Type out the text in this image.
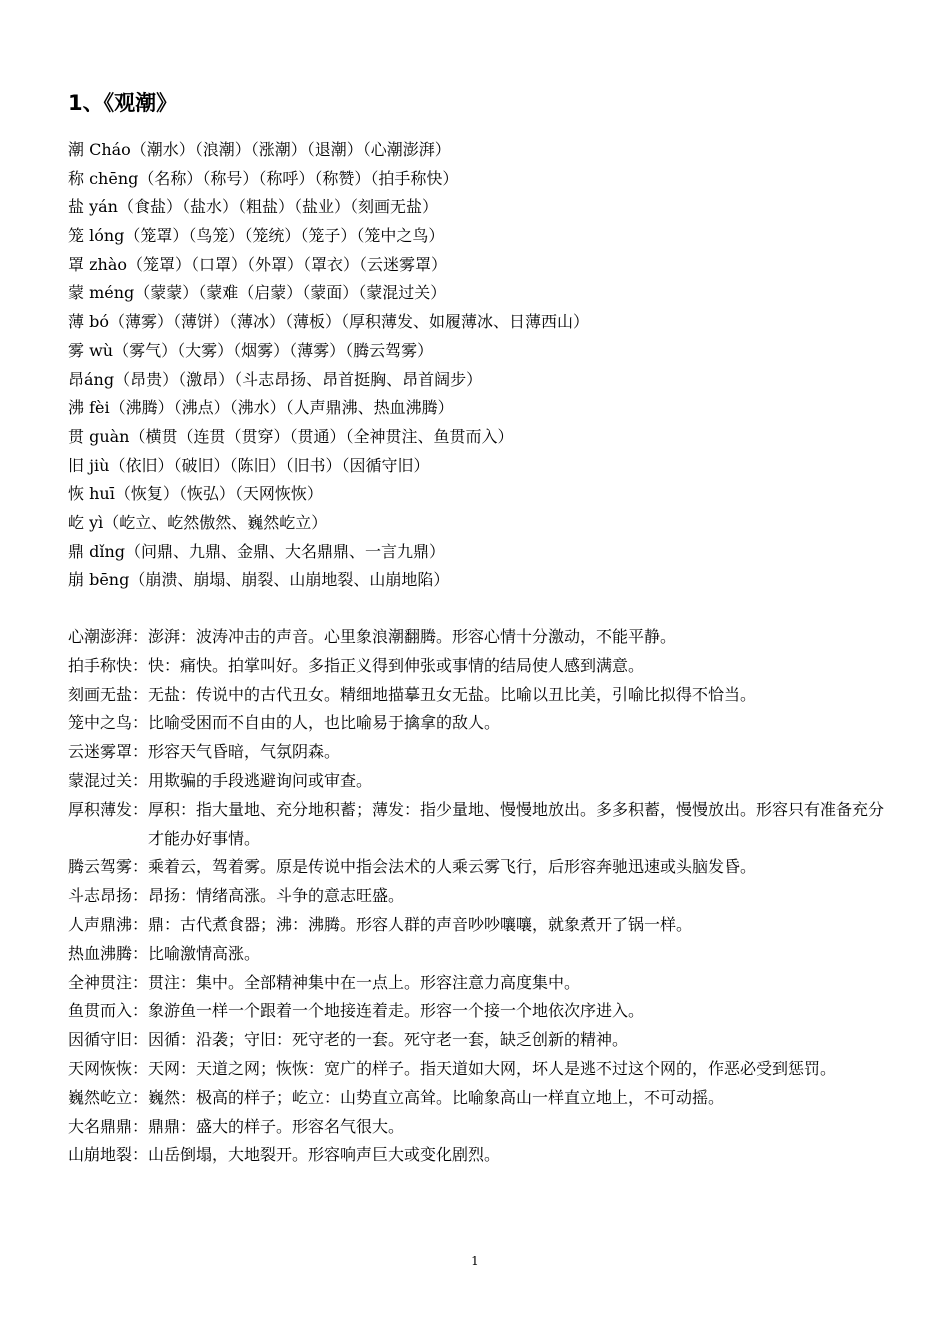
1、《观潮》
潮 Cháo（潮水）（浪潮）（涨潮）（退潮）（心潮澎湃）
称 chēng（名称）（称号）（称呼）（称赞）（拍手称快）
盐 yán（食盐）（盐水）（粗盐）（盐业）（刻画无盐）
笼 lóng（笼罩）（鸟笼）（笼统）（笼子）（笼中之鸟）
罩 zhào（笼罩）（口罩）（外罩）（罩衣）（云迷雾罩）
蒙 méng（蒙蒙）（蒙难（启蒙）（蒙面）（蒙混过关）
薄 bó（薄雾）（薄饼）（薄冰）（薄板）（厚积薄发、如履薄冰、日薄西山）
雾 wù（雾气）（大雾）（烟雾）（薄雾）（腾云驾雾）
昂áng（昂贵）（激昂）（斗志昂扬、昂首挺胸、昂首阔步）
沸 fèi（沸腾）（沸点）（沸水）（人声鼎沸、热血沸腾）
贯 guàn（横贯（连贯（贯穿）（贯通）（全神贯注、鱼贯而入）
旧 jiù（依旧）（破旧）（陈旧）（旧书）（因循守旧）
恢 huī（恢复）（恢弘）（天网恢恢）
屹 yì（屹立、屹然傲然、巍然屹立）
鼎 dǐng（问鼎、九鼎、金鼎、大名鼎鼎、一言九鼎）
崩 bēng（崩溃、崩塌、崩裂、山崩地裂、山崩地陷）
心潮澎湃： 澎湃：波涛冲击的声音。心里象浪潮翻腾。形容心情十分激动，不能平静。
拍手称快： 快：痛快。拍掌叫好。多指正义得到伸张或事情的结局使人感到满意。
刻画无盐： 无盐：传说中的古代丑女。精细地描摹丑女无盐。比喻以丑比美，引喻比拟得不恰当。
笼中之鸟： 比喻受困而不自由的人，也比喻易于擒拿的敌人。
云迷雾罩： 形容天气昏暗，气氛阴森。
蒙混过关： 用欺骗的手段逃避询问或审查。
厚积薄发： 厚积：指大量地、充分地积蓄；薄发：指少量地、慢慢地放出。多多积蓄，慢慢放出。形容只有准备充分才能办好事情。
腾云驾雾： 乘着云，驾着雾。原是传说中指会法术的人乘云雾飞行，后形容奔驰迅速或头脑发昏。
斗志昂扬： 昂扬：情绪高涨。斗争的意志旺盛。
人声鼎沸： 鼎：古代煮食器；沸：沸腾。形容人群的声音吵吵嚷嚷，就象煮开了锅一样。
热血沸腾： 比喻激情高涨。
全神贯注： 贯注：集中。全部精神集中在一点上。形容注意力高度集中。
鱼贯而入： 象游鱼一样一个跟着一个地接连着走。形容一个接一个地依次序进入。
因循守旧： 因循：沿袭；守旧：死守老的一套。死守老一套，缺乏创新的精神。
天网恢恢： 天网：天道之网；恢恢：宽广的样子。指天道如大网，坏人是逃不过这个网的，作恶必受到惩罚。
巍然屹立： 巍然：极高的样子；屹立：山势直立高耸。比喻象高山一样直立地上，不可动摇。
大名鼎鼎： 鼎鼎：盛大的样子。形容名气很大。
山崩地裂： 山岳倒塌，大地裂开。形容响声巨大或变化剧烈。
1
